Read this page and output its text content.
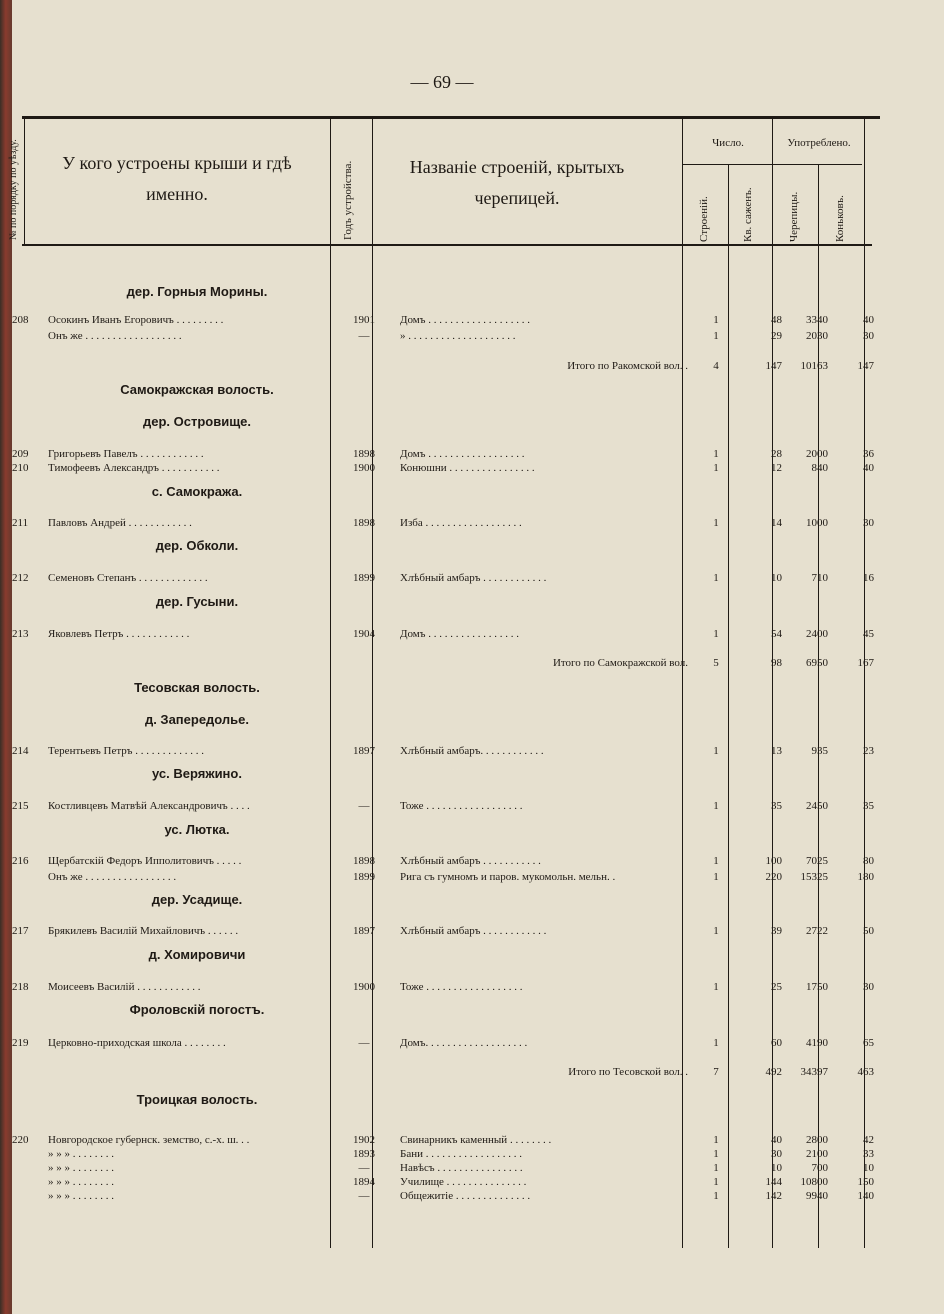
— 69 —
№ по порядку по уѣзду.	У кого устроены крыши и гдѣ именно.	Годъ устройства.	Названіе строеній, крытыхъ черепицей.
Число.	Употреблено.
Строеній.	Кв. саженъ.	Черепицы.	Коньковъ.
дер. Горныя Морины.
Самокражская волость.
дер. Островище.
с. Самокража.
дер. Обколи.
дер. Гусыни.
Тесовская волость.
д. Запередолье.
ус. Веряжино.
ус. Лютка.
дер. Усадище.
д. Хомировичи
Фроловскій погостъ.
Троицкая волость.
208	Осокинъ Иванъ Егоровичъ . . . . . . . . .	1901	Домъ . . . . . . . . . . . . . . . . . . .	1	48	3340	40
Онъ же . . . . . . . . . . . . . . . . . .	—	» . . . . . . . . . . . . . . . . . . . .	1	29	2030	30
209	Григорьевъ Павелъ . . . . . . . . . . . .	1898	Домъ . . . . . . . . . . . . . . . . . .	1	28	2000	36
210	Тимофеевъ Александръ . . . . . . . . . . .	1900	Конюшни . . . . . . . . . . . . . . . .	1	12	840	40
211	Павловъ Андрей . . . . . . . . . . . .	1898	Изба . . . . . . . . . . . . . . . . . .	1	14	1000	30
212	Семеновъ Степанъ . . . . . . . . . . . . .	1899	Хлѣбный амбаръ . . . . . . . . . . . .	1	10	710	16
213	Яковлевъ Петръ . . . . . . . . . . . .	1904	Домъ . . . . . . . . . . . . . . . . .	1	54	2400	45
214	Терентьевъ Петръ . . . . . . . . . . . . .	1897	Хлѣбный амбаръ. . . . . . . . . . . .	1	13	935	23
215	Костливцевъ Матвѣй Александровичъ . . . .	—	Тоже . . . . . . . . . . . . . . . . . .	1	35	2450	35
216	Щербатскій Федоръ Ипполитовичъ . . . . .	1898	Хлѣбный амбаръ . . . . . . . . . . .	1	100	7025	80
Онъ же . . . . . . . . . . . . . . . . .	1899	Рига съ гумномъ и паров. мукомольн. мельн. .	1	220	15325	180
217	Брякилевъ Василій Михайловичъ . . . . . .	1897	Хлѣбный амбаръ . . . . . . . . . . . .	1	39	2722	50
218	Моисеевъ Василій . . . . . . . . . . . .	1900	Тоже . . . . . . . . . . . . . . . . . .	1	25	1750	30
219	Церковно-приходская школа . . . . . . . .	—	Домъ. . . . . . . . . . . . . . . . . . .	1	60	4190	65
220	Новгородское губернск. земство, с.-х. ш. . .	1902	Свинарникъ каменный . . . . . . . .	1	40	2800	42
» » » . . . . . . . .	1893	Бани . . . . . . . . . . . . . . . . . .	1	30	2100	33
» » » . . . . . . . .	—	Навѣсъ . . . . . . . . . . . . . . . .	1	10	700	10
» » » . . . . . . . .	1894	Училище . . . . . . . . . . . . . . .	1	144	10800	150
» » » . . . . . . . .	—	Общежитіе . . . . . . . . . . . . . .	1	142	9940	140
Итого по Ракомской вол. .	4	147	10163	147
Итого по Самокражской вол.	5	98	6950	167
Итого по Тесовской вол. .	7	492	34397	463
